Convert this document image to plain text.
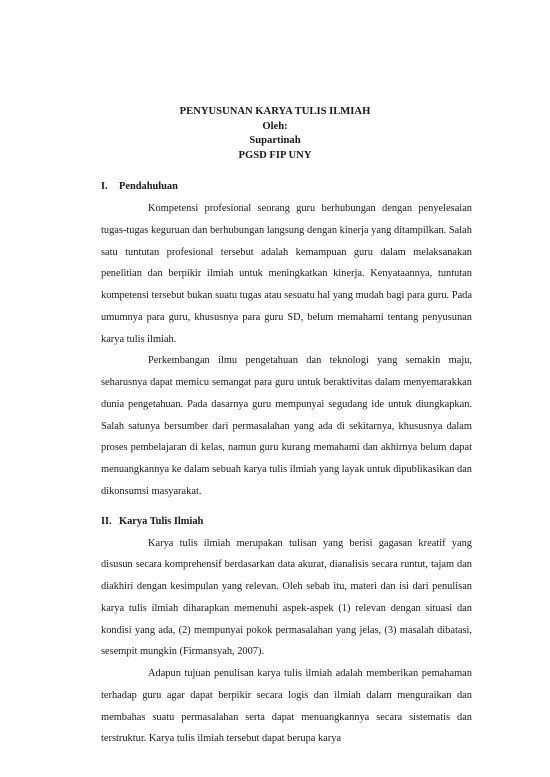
PENYUSUNAN KARYA TULIS ILMIAH
Oleh:
Supartinah
PGSD FIP UNY

I. Pendahuluan

Kompetensi profesional seorang guru berhubungan dengan penyelesaian tugas-tugas keguruan dan berhubungan langsung dengan kinerja yang ditampilkan. Salah satu tuntutan profesional tersebut adalah kemampuan guru dalam melaksanakan penelitian dan berpikir ilmiah untuk meningkatkan kinerja. Kenyataannya, tuntutan kompetensi tersebut bukan suatu tugas atau sesuatu hal yang mudah bagi para guru. Pada umumnya para guru, khususnya para guru SD, belum memahami tentang penyusunan karya tulis ilmiah.

Perkembangan ilmu pengetahuan dan teknologi yang semakin maju, seharusnya dapat memicu semangat para guru untuk beraktivitas dalam menyemarakkan dunia pengetahuan. Pada dasarnya guru mempunyai segudang ide untuk diungkapkan. Salah satunya bersumber dari permasalahan yang ada di sekitarnya, khususnya dalam proses pembelajaran di kelas, namun guru kurang memahami dan akhirnya belum dapat menuangkannya ke dalam sebuah karya tulis ilmiah yang layak untuk dipublikasikan dan dikonsumsi masyarakat.

II. Karya Tulis Ilmiah

Karya tulis ilmiah merupakan tulisan yang berisi gagasan kreatif yang disusun secara komprehensif berdasarkan data akurat, dianalisis secara runtut, tajam dan diakhiri dengan kesimpulan yang relevan. Oleh sebab itu, materi dan isi dari penulisan karya tulis ilmiah diharapkan memenuhi aspek-aspek (1) relevan dengan situasi dan kondisi yang ada, (2) mempunyai pokok permasalahan yang jelas, (3) masalah dibatasi, sesempit mungkin (Firmansyah, 2007).

Adapun tujuan penulisan karya tulis ilmiah adalah memberikan pemahaman terhadap guru agar dapat berpikir secara logis dan ilmiah dalam menguraikan dan membahas suatu permasalahan serta dapat menuangkannya secara sistematis dan terstruktur. Karya tulis ilmiah tersebut dapat berupa karya
